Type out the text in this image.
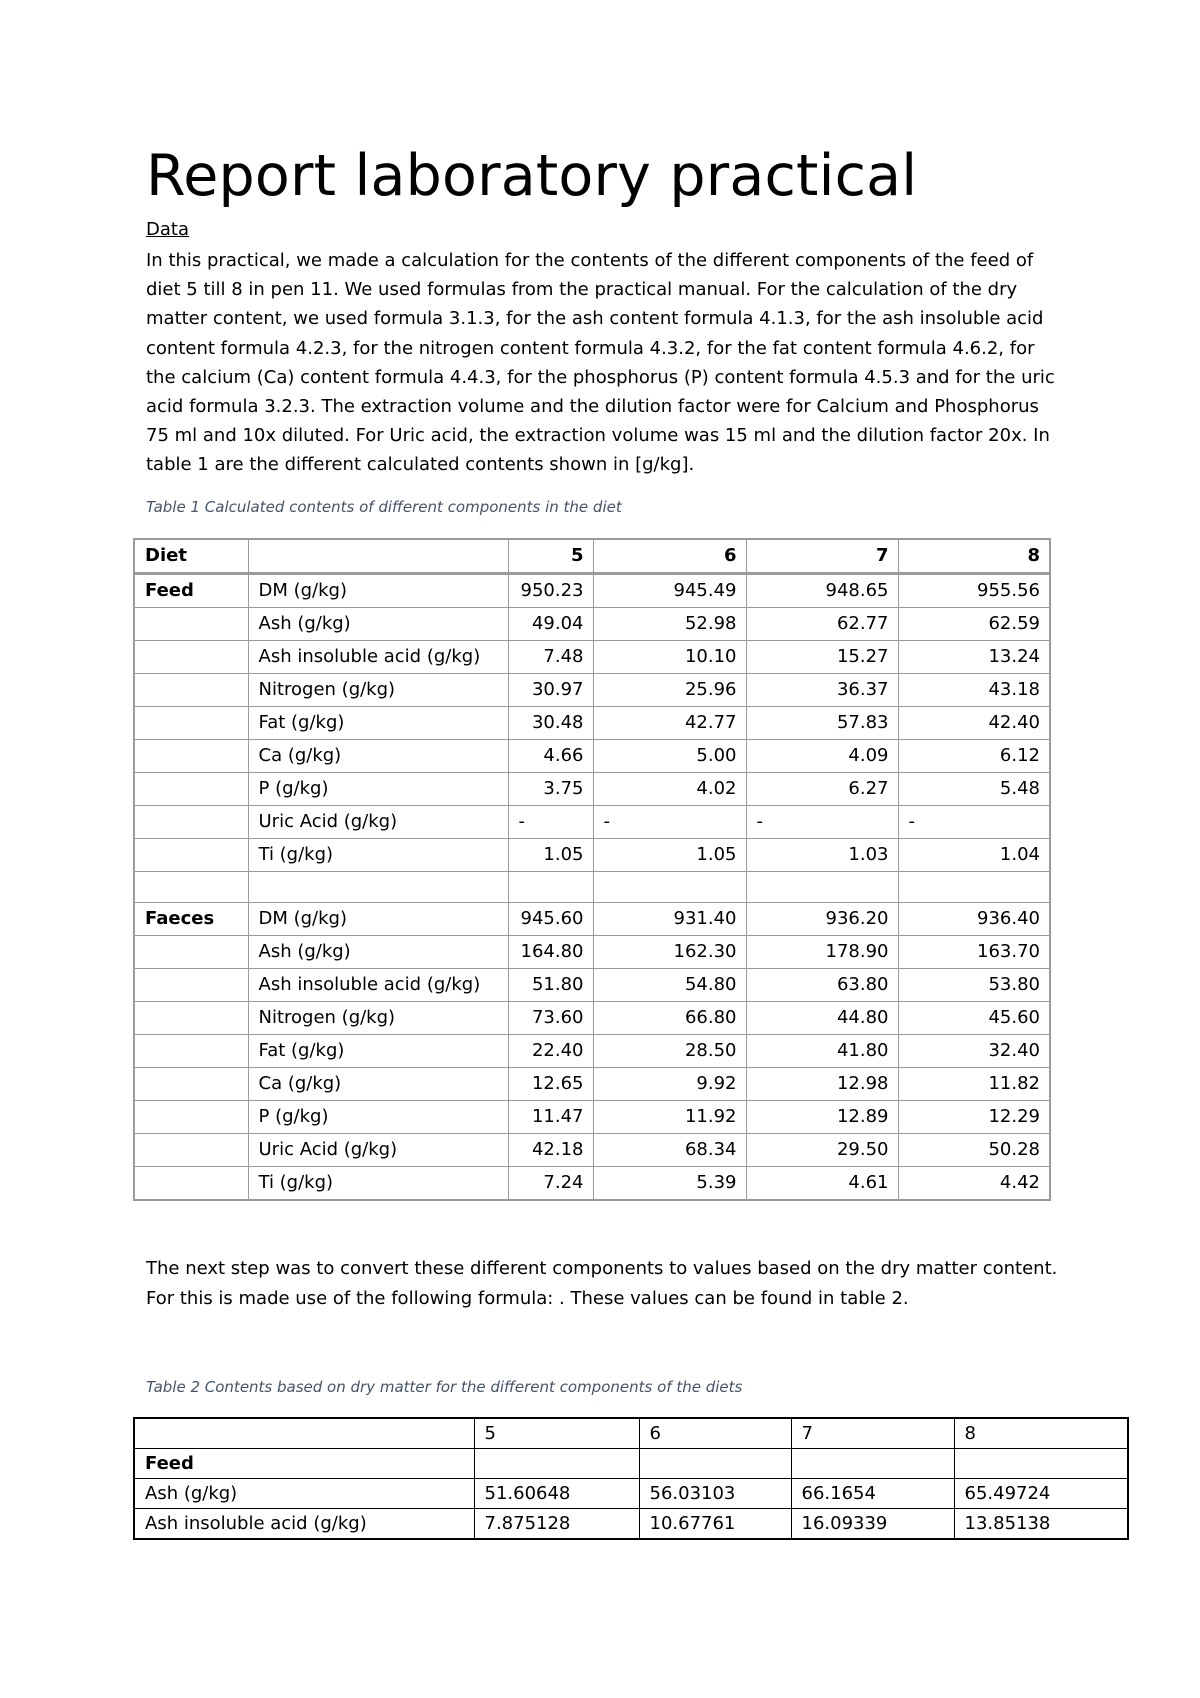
Report laboratory practical
Data

In this practical, we made a calculation for the contents of the different components of the feed of diet 5 till 8 in pen 11. We used formulas from the practical manual. For the calculation of the dry matter content, we used formula 3.1.3, for the ash content formula 4.1.3, for the ash insoluble acid content formula 4.2.3, for the nitrogen content formula 4.3.2, for the fat content formula 4.6.2, for the calcium (Ca) content formula 4.4.3, for the phosphorus (P) content formula 4.5.3 and for the uric acid formula 3.2.3. The extraction volume and the dilution factor were for Calcium and Phosphorus 75 ml and 10x diluted. For Uric acid, the extraction volume was 15 ml and the dilution factor 20x. In table 1 are the different calculated contents shown in [g/kg].

Table 1 Calculated contents of different components in the diet
Diet		5	6	7	8
Feed	DM (g/kg)	950.23	945.49	948.65	955.56
	Ash (g/kg)	49.04	52.98	62.77	62.59
	Ash insoluble acid (g/kg)	7.48	10.10	15.27	13.24
	Nitrogen (g/kg)	30.97	25.96	36.37	43.18
	Fat (g/kg)	30.48	42.77	57.83	42.40
	Ca (g/kg)	4.66	5.00	4.09	6.12
	P (g/kg)	3.75	4.02	6.27	5.48
	Uric Acid (g/kg)	-	-	-	-
	Ti (g/kg)	1.05	1.05	1.03	1.04

Faeces	DM (g/kg)	945.60	931.40	936.20	936.40
	Ash (g/kg)	164.80	162.30	178.90	163.70
	Ash insoluble acid (g/kg)	51.80	54.80	63.80	53.80
	Nitrogen (g/kg)	73.60	66.80	44.80	45.60
	Fat (g/kg)	22.40	28.50	41.80	32.40
	Ca (g/kg)	12.65	9.92	12.98	11.82
	P (g/kg)	11.47	11.92	12.89	12.29
	Uric Acid (g/kg)	42.18	68.34	29.50	50.28
	Ti (g/kg)	7.24	5.39	4.61	4.42

The next step was to convert these different components to values based on the dry matter content. For this is made use of the following formula: . These values can be found in table 2.

Table 2 Contents based on dry matter for the different components of the diets
	5	6	7	8
Feed				
Ash (g/kg)	51.60648	56.03103	66.1654	65.49724
Ash insoluble acid (g/kg)	7.875128	10.67761	16.09339	13.85138
